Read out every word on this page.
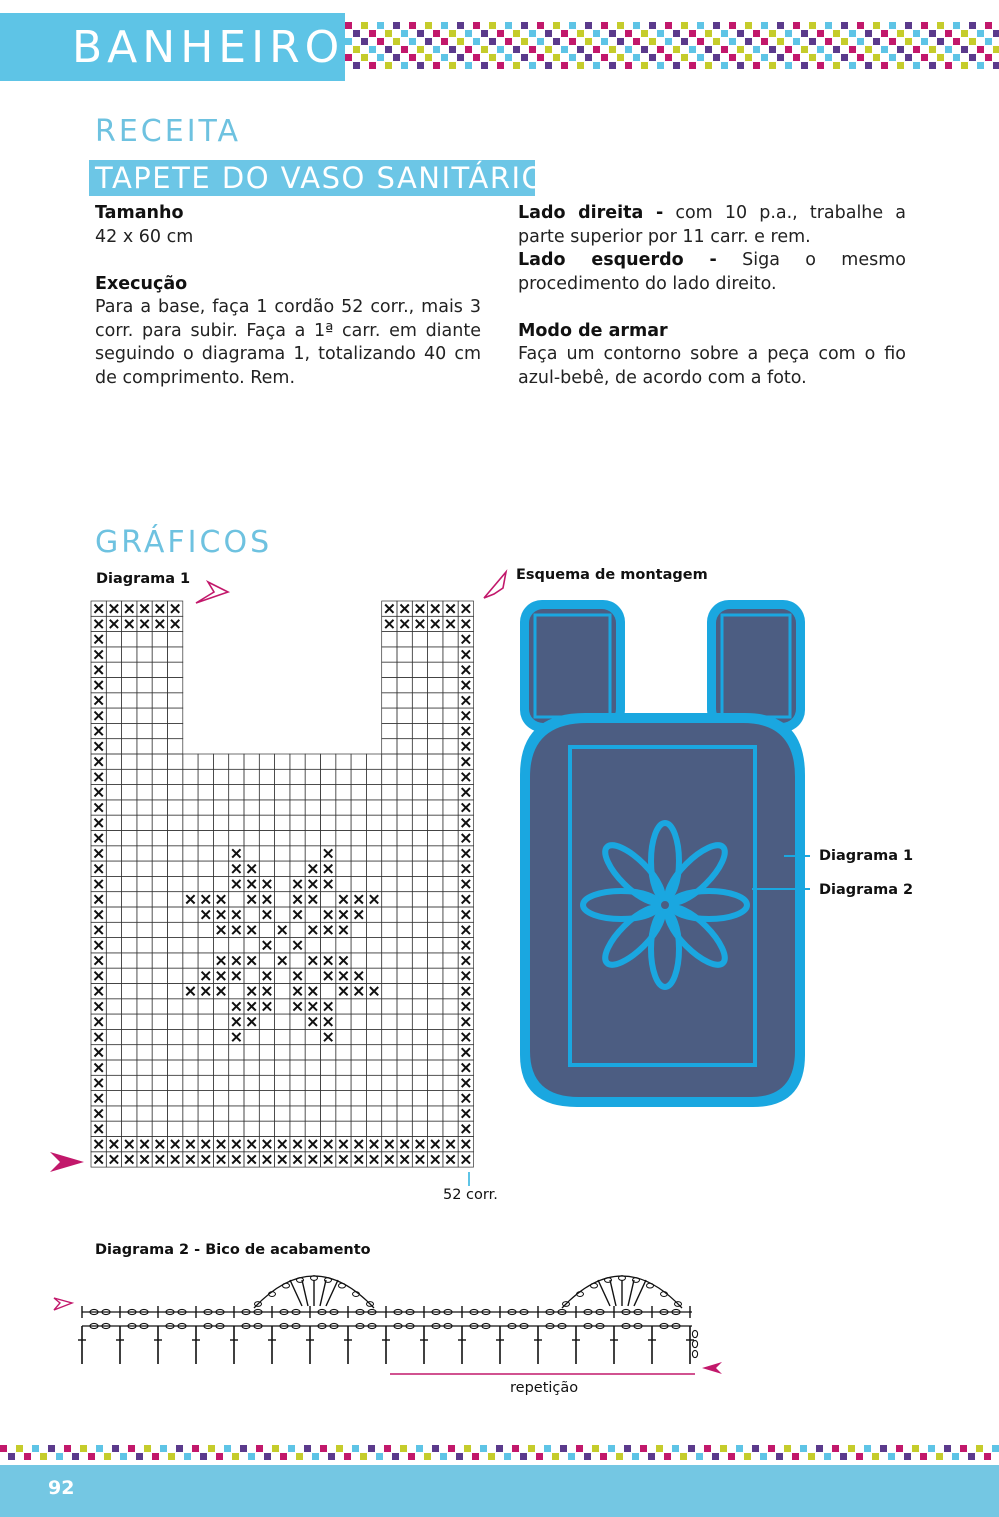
BANHEIRO
RECEITA
TAPETE DO VASO SANITÁRIO

Tamanho

42 x 60 cm

Execução

Para a base, faça 1 cordão 52 corr., mais 3 corr. para subir. Faça a 1ª carr. em diante seguindo o diagrama 1, totalizando 40 cm de comprimento. Rem.

Lado direita - com 10 p.a., trabalhe a parte superior por 11 carr. e rem.

Lado esquerdo - Siga o mesmo procedimento do lado direito.

Modo de armar

Faça um contorno sobre a peça com o fio azul-bebê, de acordo com a foto.

GRÁFICOS
Diagrama 1	Esquema de montagem
52 corr.
Diagrama 1
Diagrama 2
Diagrama 2 - Bico de acabamento
repetição
92
